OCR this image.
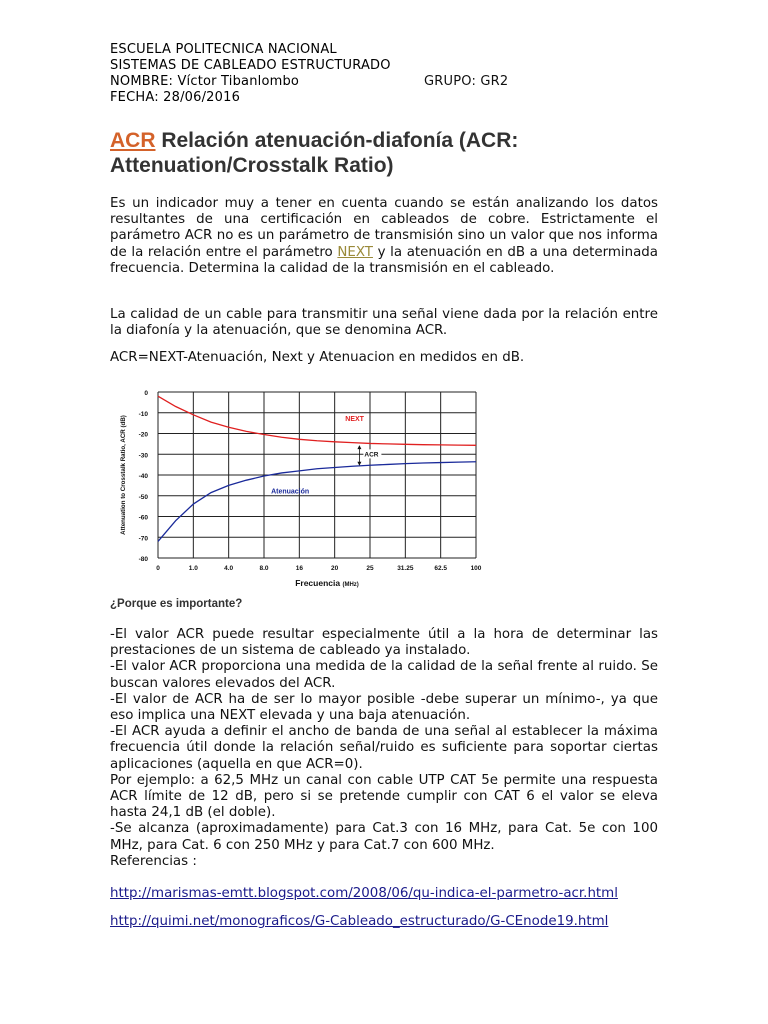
ESCUELA POLITECNICA NACIONAL
SISTEMAS DE CABLEADO ESTRUCTURADO
NOMBRE: Víctor Tibanlombo	GRUPO: GR2
FECHA: 28/06/2016
ACR Relación atenuación-diafonía (ACR: Attenuation/Crosstalk Ratio)
Es un indicador muy a tener en cuenta cuando se están analizando los datos resultantes de una certificación en cableados de cobre. Estrictamente el parámetro ACR no es un parámetro de transmisión sino un valor que nos informa de la relación entre el parámetro NEXT y la atenuación en dB a una determinada frecuencia. Determina la calidad de la transmisión en el cableado.
La calidad de un cable para transmitir una señal viene dada por la relación entre la diafonía y la atenuación, que se denomina ACR.
ACR=NEXT-Atenuación, Next y Atenuacion en medidos en dB.
0
-10
-20
-30
-40
-50
-60
-70
-80
0	1.0	4.0	8.0	16	20	25	31.25	62.5	100
Frecuencia (MHz)
Attenuation to Crosstalk Ratio, ACR (dB)	NEXT
Atenuación
ACR
¿Porque es importante?
-El valor ACR puede resultar especialmente útil a la hora de determinar las prestaciones de un sistema de cableado ya instalado.
-El valor ACR proporciona una medida de la calidad de la señal frente al ruido. Se buscan valores elevados del ACR.
-El valor de ACR ha de ser lo mayor posible -debe superar un mínimo-, ya que eso implica una NEXT elevada y una baja atenuación.
-El ACR ayuda a definir el ancho de banda de una señal al establecer la máxima frecuencia útil donde la relación señal/ruido es suficiente para soportar ciertas aplicaciones (aquella en que ACR=0).
Por ejemplo: a 62,5 MHz un canal con cable UTP CAT 5e permite una respuesta ACR límite de 12 dB, pero si se pretende cumplir con CAT 6 el valor se eleva hasta 24,1 dB (el doble).
-Se alcanza (aproximadamente) para Cat.3 con 16 MHz, para Cat. 5e con 100 MHz, para Cat. 6 con 250 MHz y para Cat.7 con 600 MHz.
Referencias :
http://marismas-emtt.blogspot.com/2008/06/qu-indica-el-parmetro-acr.html
http://quimi.net/monograficos/G-Cableado_estructurado/G-CEnode19.html
